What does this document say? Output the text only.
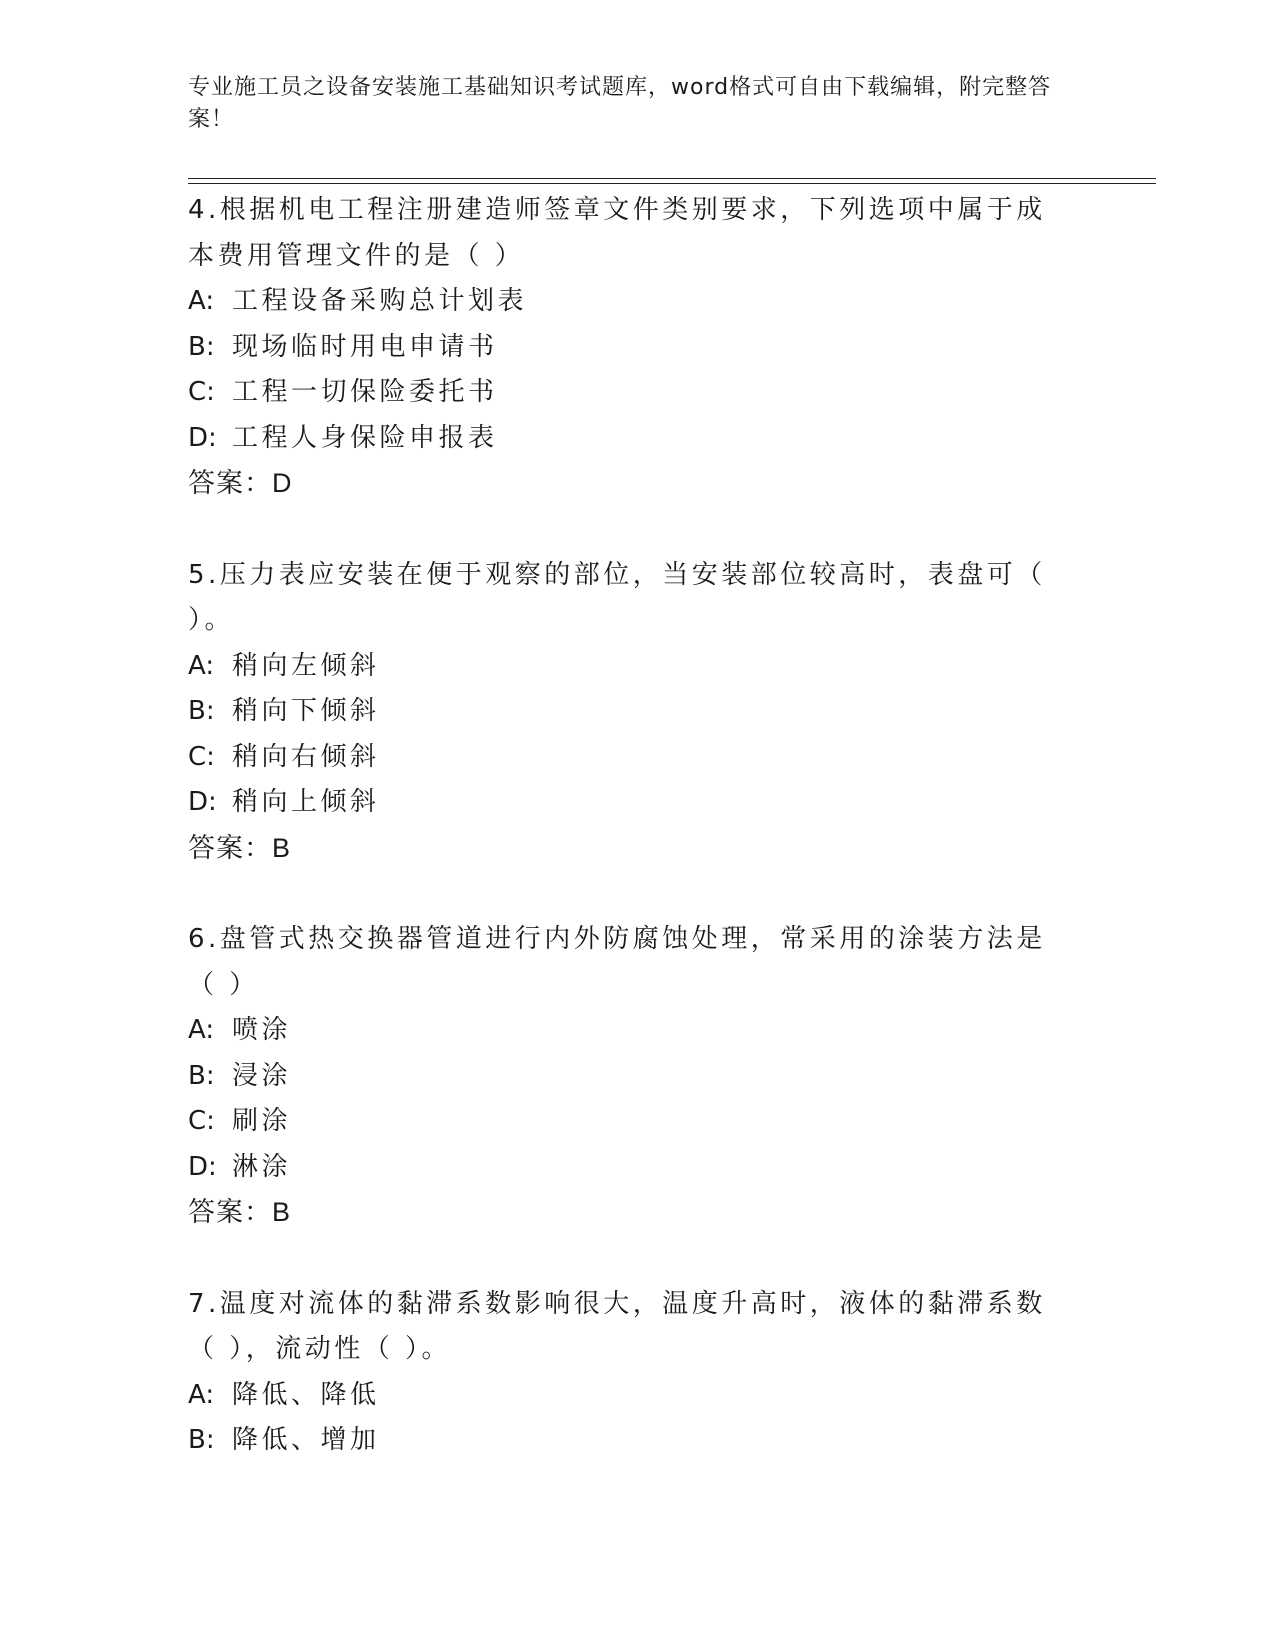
专业施工员之设备安装施工基础知识考试题库，word格式可自由下载编辑，附完整答案！

4.根据机电工程注册建造师签章文件类别要求，下列选项中属于成本费用管理文件的是（ ）

A: 工程设备采购总计划表

B: 现场临时用电申请书

C: 工程一切保险委托书

D: 工程人身保险申报表

答案：D

5.压力表应安装在便于观察的部位，当安装部位较高时，表盘可（ ）。

A: 稍向左倾斜

B: 稍向下倾斜

C: 稍向右倾斜

D: 稍向上倾斜

答案：B

6.盘管式热交换器管道进行内外防腐蚀处理，常采用的涂装方法是（ ）

A: 喷涂

B: 浸涂

C: 刷涂

D: 淋涂

答案：B

7.温度对流体的黏滞系数影响很大，温度升高时，液体的黏滞系数（ ），流动性（ ）。

A: 降低、降低

B: 降低、增加
